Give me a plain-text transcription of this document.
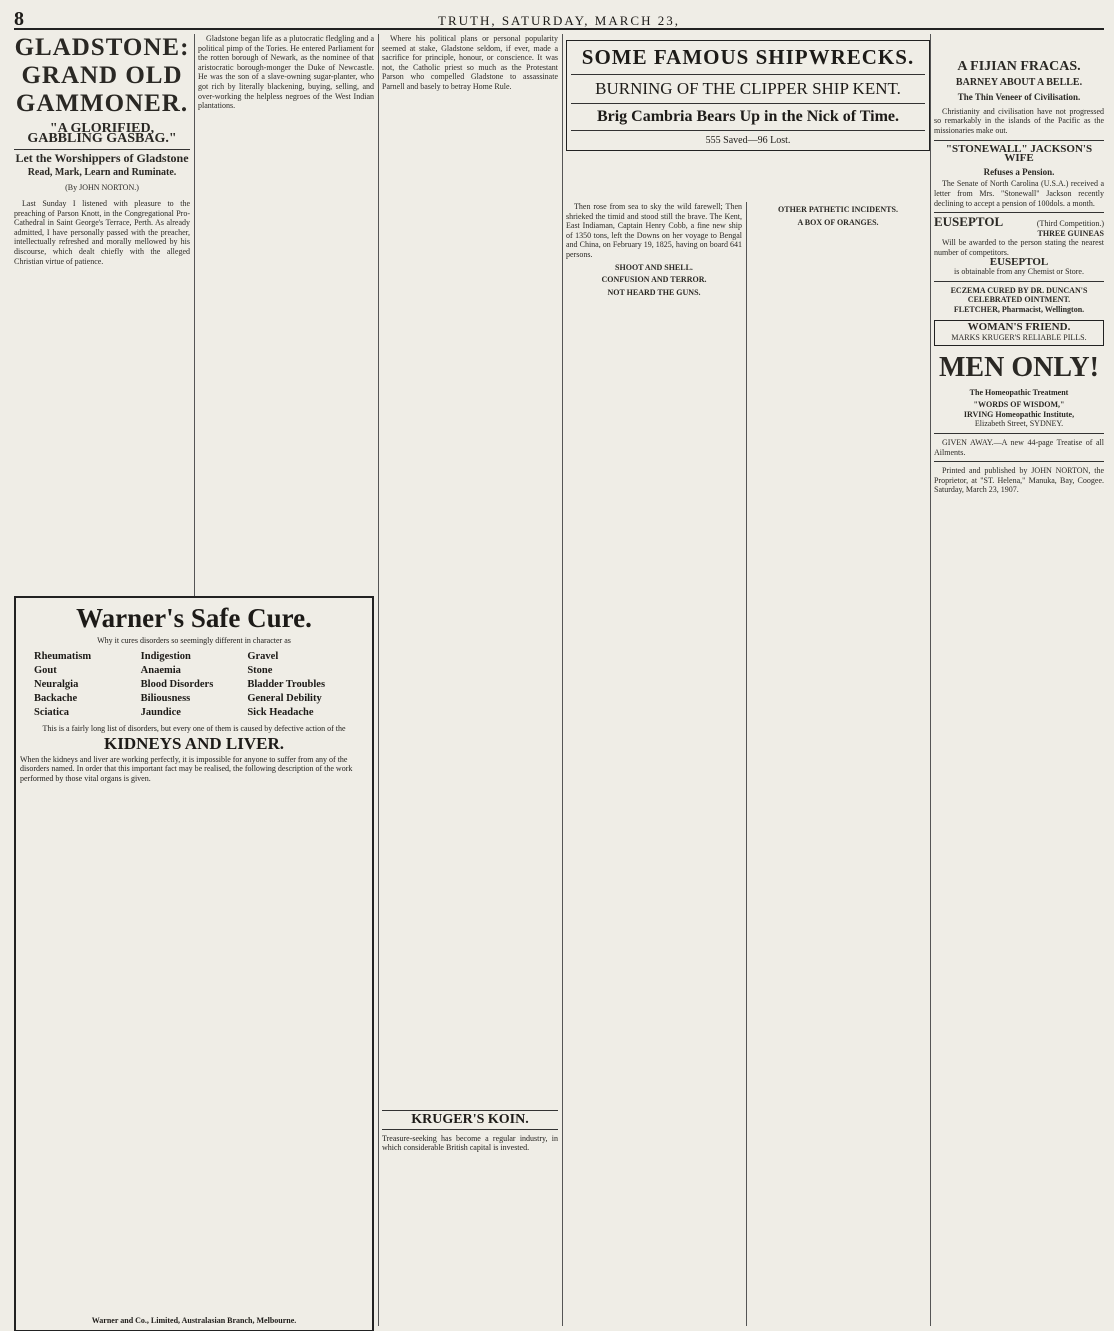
8	TRUTH, SATURDAY, MARCH 23,
GLADSTONE: GRAND OLD GAMMONER.
"A GLORIFIED, GABBLING GASBAG."
Let the Worshippers of Gladstone
Read, Mark, Learn and Ruminate.
(By JOHN NORTON.)

Last Sunday I listened with pleasure to the preaching of Parson Knott, in the Congregational Pro-Cathedral in Saint George's Terrace, Perth. As already admitted, I have personally passed with the preacher, intellectually refreshed and morally mellowed by his discourse, which dealt chiefly with the alleged Christian virtue of patience.

Gladstone began life as a plutocratic fledgling and a political pimp of the Tories. He entered Parliament for the rotten borough of Newark, as the nominee of that aristocratic borough-monger the Duke of Newcastle. He was the son of a slave-owning sugar-planter, who got rich by literally blackening, buying, selling, and over-working the helpless negroes of the West Indian plantations.

Where his political plans or personal popularity seemed at stake, Gladstone seldom, if ever, made a sacrifice for principle, honour, or conscience. It was not, the Catholic priest so much as the Protestant Parson who compelled Gladstone to assassinate Parnell and basely to betray Home Rule.

Warner's Safe Cure.
Why it cures disorders so seemingly different in character as
Rheumatism	Indigestion	Gravel
Gout	Anaemia	Stone
Neuralgia	Blood Disorders	Bladder Troubles
Backache	Biliousness	General Debility
Sciatica	Jaundice	Sick Headache
This is a fairly long list of disorders, but every one of them is caused by defective action of the
KIDNEYS AND LIVER.

When the kidneys and liver are working perfectly, it is impossible for anyone to suffer from any of the disorders named. In order that this important fact may be realised, the following description of the work performed by those vital organs is given.

Warner and Co., Limited, Australasian Branch, Melbourne.
KRUGER'S KOIN.

Treasure-seeking has become a regular industry, in which considerable British capital is invested.

SOME FAMOUS SHIPWRECKS.
BURNING OF THE CLIPPER SHIP KENT.
Brig Cambria Bears Up in the Nick of Time.
555 Saved—96 Lost.

Then rose from sea to sky the wild farewell; Then shrieked the timid and stood still the brave. The Kent, East Indiaman, Captain Henry Cobb, a fine new ship of 1350 tons, left the Downs on her voyage to Bengal and China, on February 19, 1825, having on board 641 persons.

SHOOT AND SHELL.
CONFUSION AND TERROR.
NOT HEARD THE GUNS.
OTHER PATHETIC INCIDENTS.
A BOX OF ORANGES.
A FIJIAN FRACAS.
BARNEY ABOUT A BELLE.
The Thin Veneer of Civilisation.

Christianity and civilisation have not progressed so remarkably in the islands of the Pacific as the missionaries make out.

"STONEWALL" JACKSON'S WIFE
Refuses a Pension.

The Senate of North Carolina (U.S.A.) received a letter from Mrs. "Stonewall" Jackson recently declining to accept a pension of 100dols. a month.

EUSEPTOL	(Third Competition.)
THREE GUINEAS

Will be awarded to the person stating the nearest number of competitors.

EUSEPTOL
is obtainable from any Chemist or Store.
ECZEMA CURED BY DR. DUNCAN'S CELEBRATED OINTMENT.
FLETCHER, Pharmacist, Wellington.
WOMAN'S FRIEND.
MARKS KRUGER'S RELIABLE PILLS.
MEN ONLY!
The Homeopathic Treatment
"WORDS OF WISDOM,"
IRVING Homeopathic Institute,
Elizabeth Street, SYDNEY.

GIVEN AWAY.—A new 44-page Treatise of all Ailments.

Printed and published by JOHN NORTON, the Proprietor, at "ST. Helena," Manuka, Bay, Coogee. Saturday, March 23, 1907.
